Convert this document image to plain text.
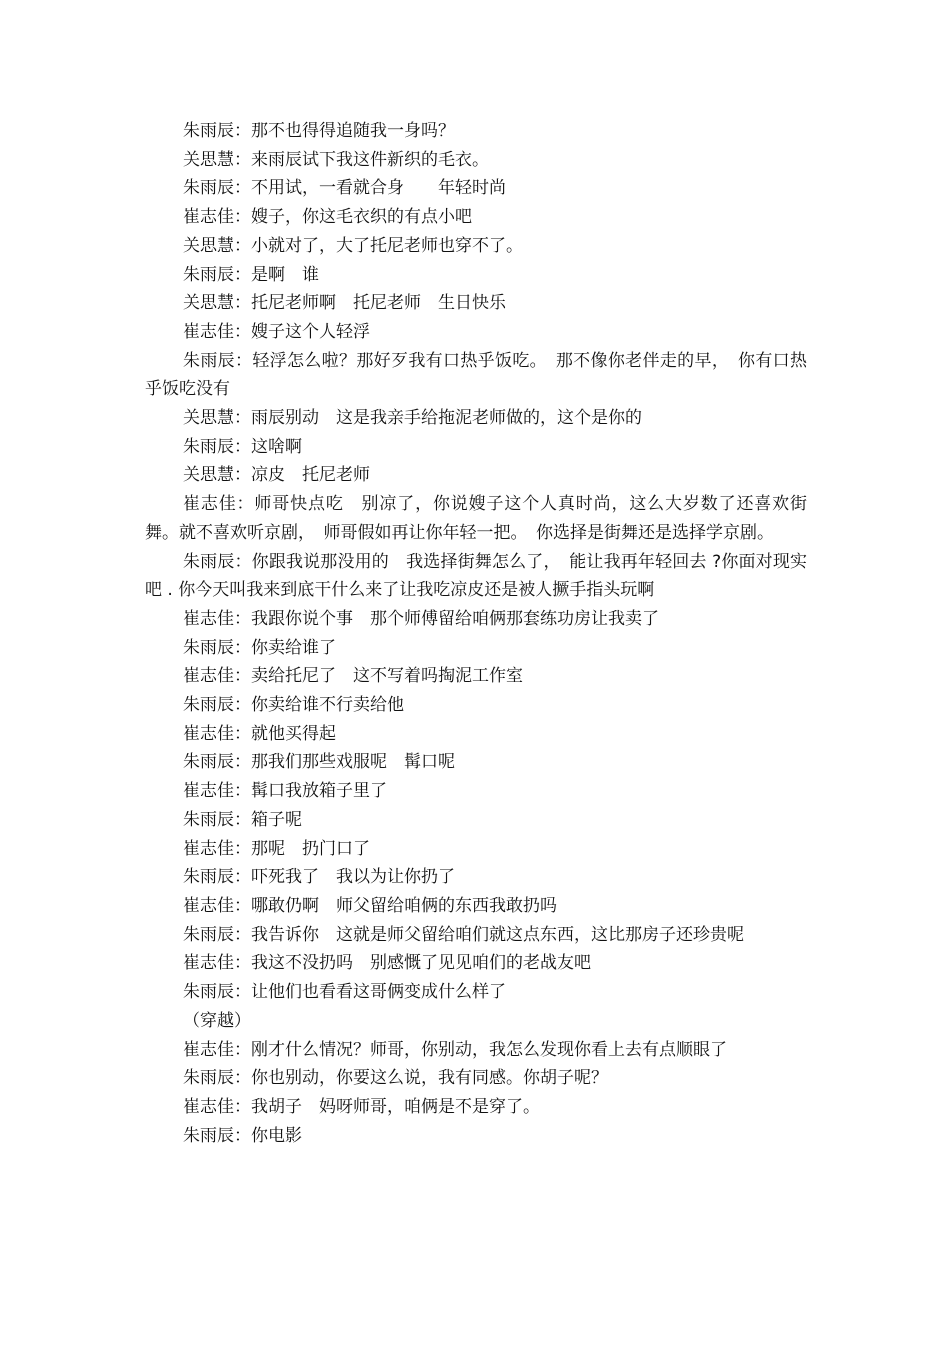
朱雨辰：那不也得得追随我一身吗？

关思慧：来雨辰试下我这件新织的毛衣。

朱雨辰：不用试，一看就合身　　年轻时尚

崔志佳：嫂子，你这毛衣织的有点小吧

关思慧：小就对了，大了托尼老师也穿不了。

朱雨辰：是啊　谁

关思慧：托尼老师啊　托尼老师　生日快乐

崔志佳：嫂子这个人轻浮

朱雨辰：轻浮怎么啦？那好歹我有口热乎饭吃。　那不像你老伴走的早，　你有口热乎饭吃没有

关思慧：雨辰别动　这是我亲手给拖泥老师做的，这个是你的

朱雨辰：这啥啊

关思慧：凉皮　托尼老师

崔志佳：师哥快点吃　别凉了，你说嫂子这个人真时尚，这么大岁数了还喜欢街舞。就不喜欢听京剧，　师哥假如再让你年轻一把。　你选择是街舞还是选择学京剧。

朱雨辰：你跟我说那没用的　我选择街舞怎么了，　能让我再年轻回去 ?你面对现实吧 . 你今天叫我来到底干什么来了让我吃凉皮还是被人撅手指头玩啊

崔志佳：我跟你说个事　那个师傅留给咱俩那套练功房让我卖了

朱雨辰：你卖给谁了

崔志佳：卖给托尼了　这不写着吗掏泥工作室

朱雨辰：你卖给谁不行卖给他

崔志佳：就他买得起

朱雨辰：那我们那些戏服呢　髯口呢

崔志佳：髯口我放箱子里了

朱雨辰：箱子呢

崔志佳：那呢　扔门口了

朱雨辰：吓死我了　我以为让你扔了

崔志佳：哪敢仍啊　师父留给咱俩的东西我敢扔吗

朱雨辰：我告诉你　这就是师父留给咱们就这点东西，这比那房子还珍贵呢

崔志佳：我这不没扔吗　别感慨了见见咱们的老战友吧

朱雨辰：让他们也看看这哥俩变成什么样了

（穿越）

崔志佳：刚才什么情况？师哥，你别动，我怎么发现你看上去有点顺眼了

朱雨辰：你也别动，你要这么说，我有同感。你胡子呢？

崔志佳：我胡子　妈呀师哥，咱俩是不是穿了。

朱雨辰：你电影
